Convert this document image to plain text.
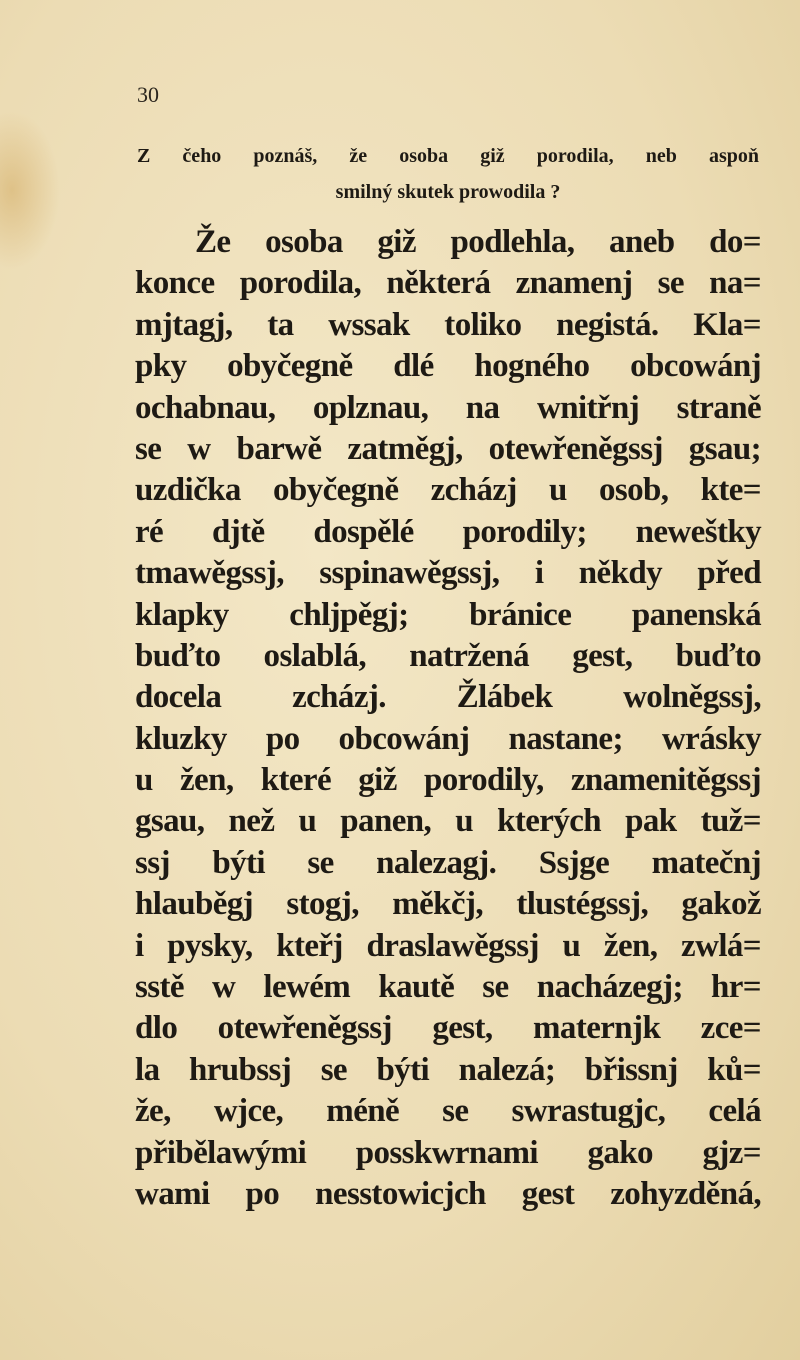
30
Z čeho poznáš, že osoba giž porodila, neb aspoň
smilný skutek prowodila ?
Že osoba giž podlehla, aneb do=
konce porodila, některá znamenj se na=
mjtagj, ta wssak toliko negistá. Kla=
pky obyčegně dlé hogného obcowánj
ochabnau, oplznau, na wnitřnj straně
se w barwě zatměgj, otewřeněgssj gsau;
uzdička obyčegně zcházj u osob, kte=
ré djtě dospělé porodily; neweštky
tmawěgssj, sspinawěgssj, i někdy před
klapky chljpěgj; bránice panenská
buďto oslablá, natržená gest, buďto
docela zcházj. Žlábek wolněgssj,
kluzky po obcowánj nastane; wrásky
u žen, které giž porodily, znamenitěgssj
gsau, než u panen, u kterých pak tuž=
ssj býti se nalezagj. Ssjge matečnj
hlauběgj stogj, měkčj, tlustégssj, gakož
i pysky, kteřj draslawěgssj u žen, zwlá=
sstě w lewém kautě se nacházegj; hr=
dlo otewřeněgssj gest, maternjk zce=
la hrubssj se býti nalezá; břissnj ků=
že, wjce, méně se swrastugjc, celá
přibělawými posskwrnami gako gjz=
wami po nesstowicjch gest zohyzděná,
